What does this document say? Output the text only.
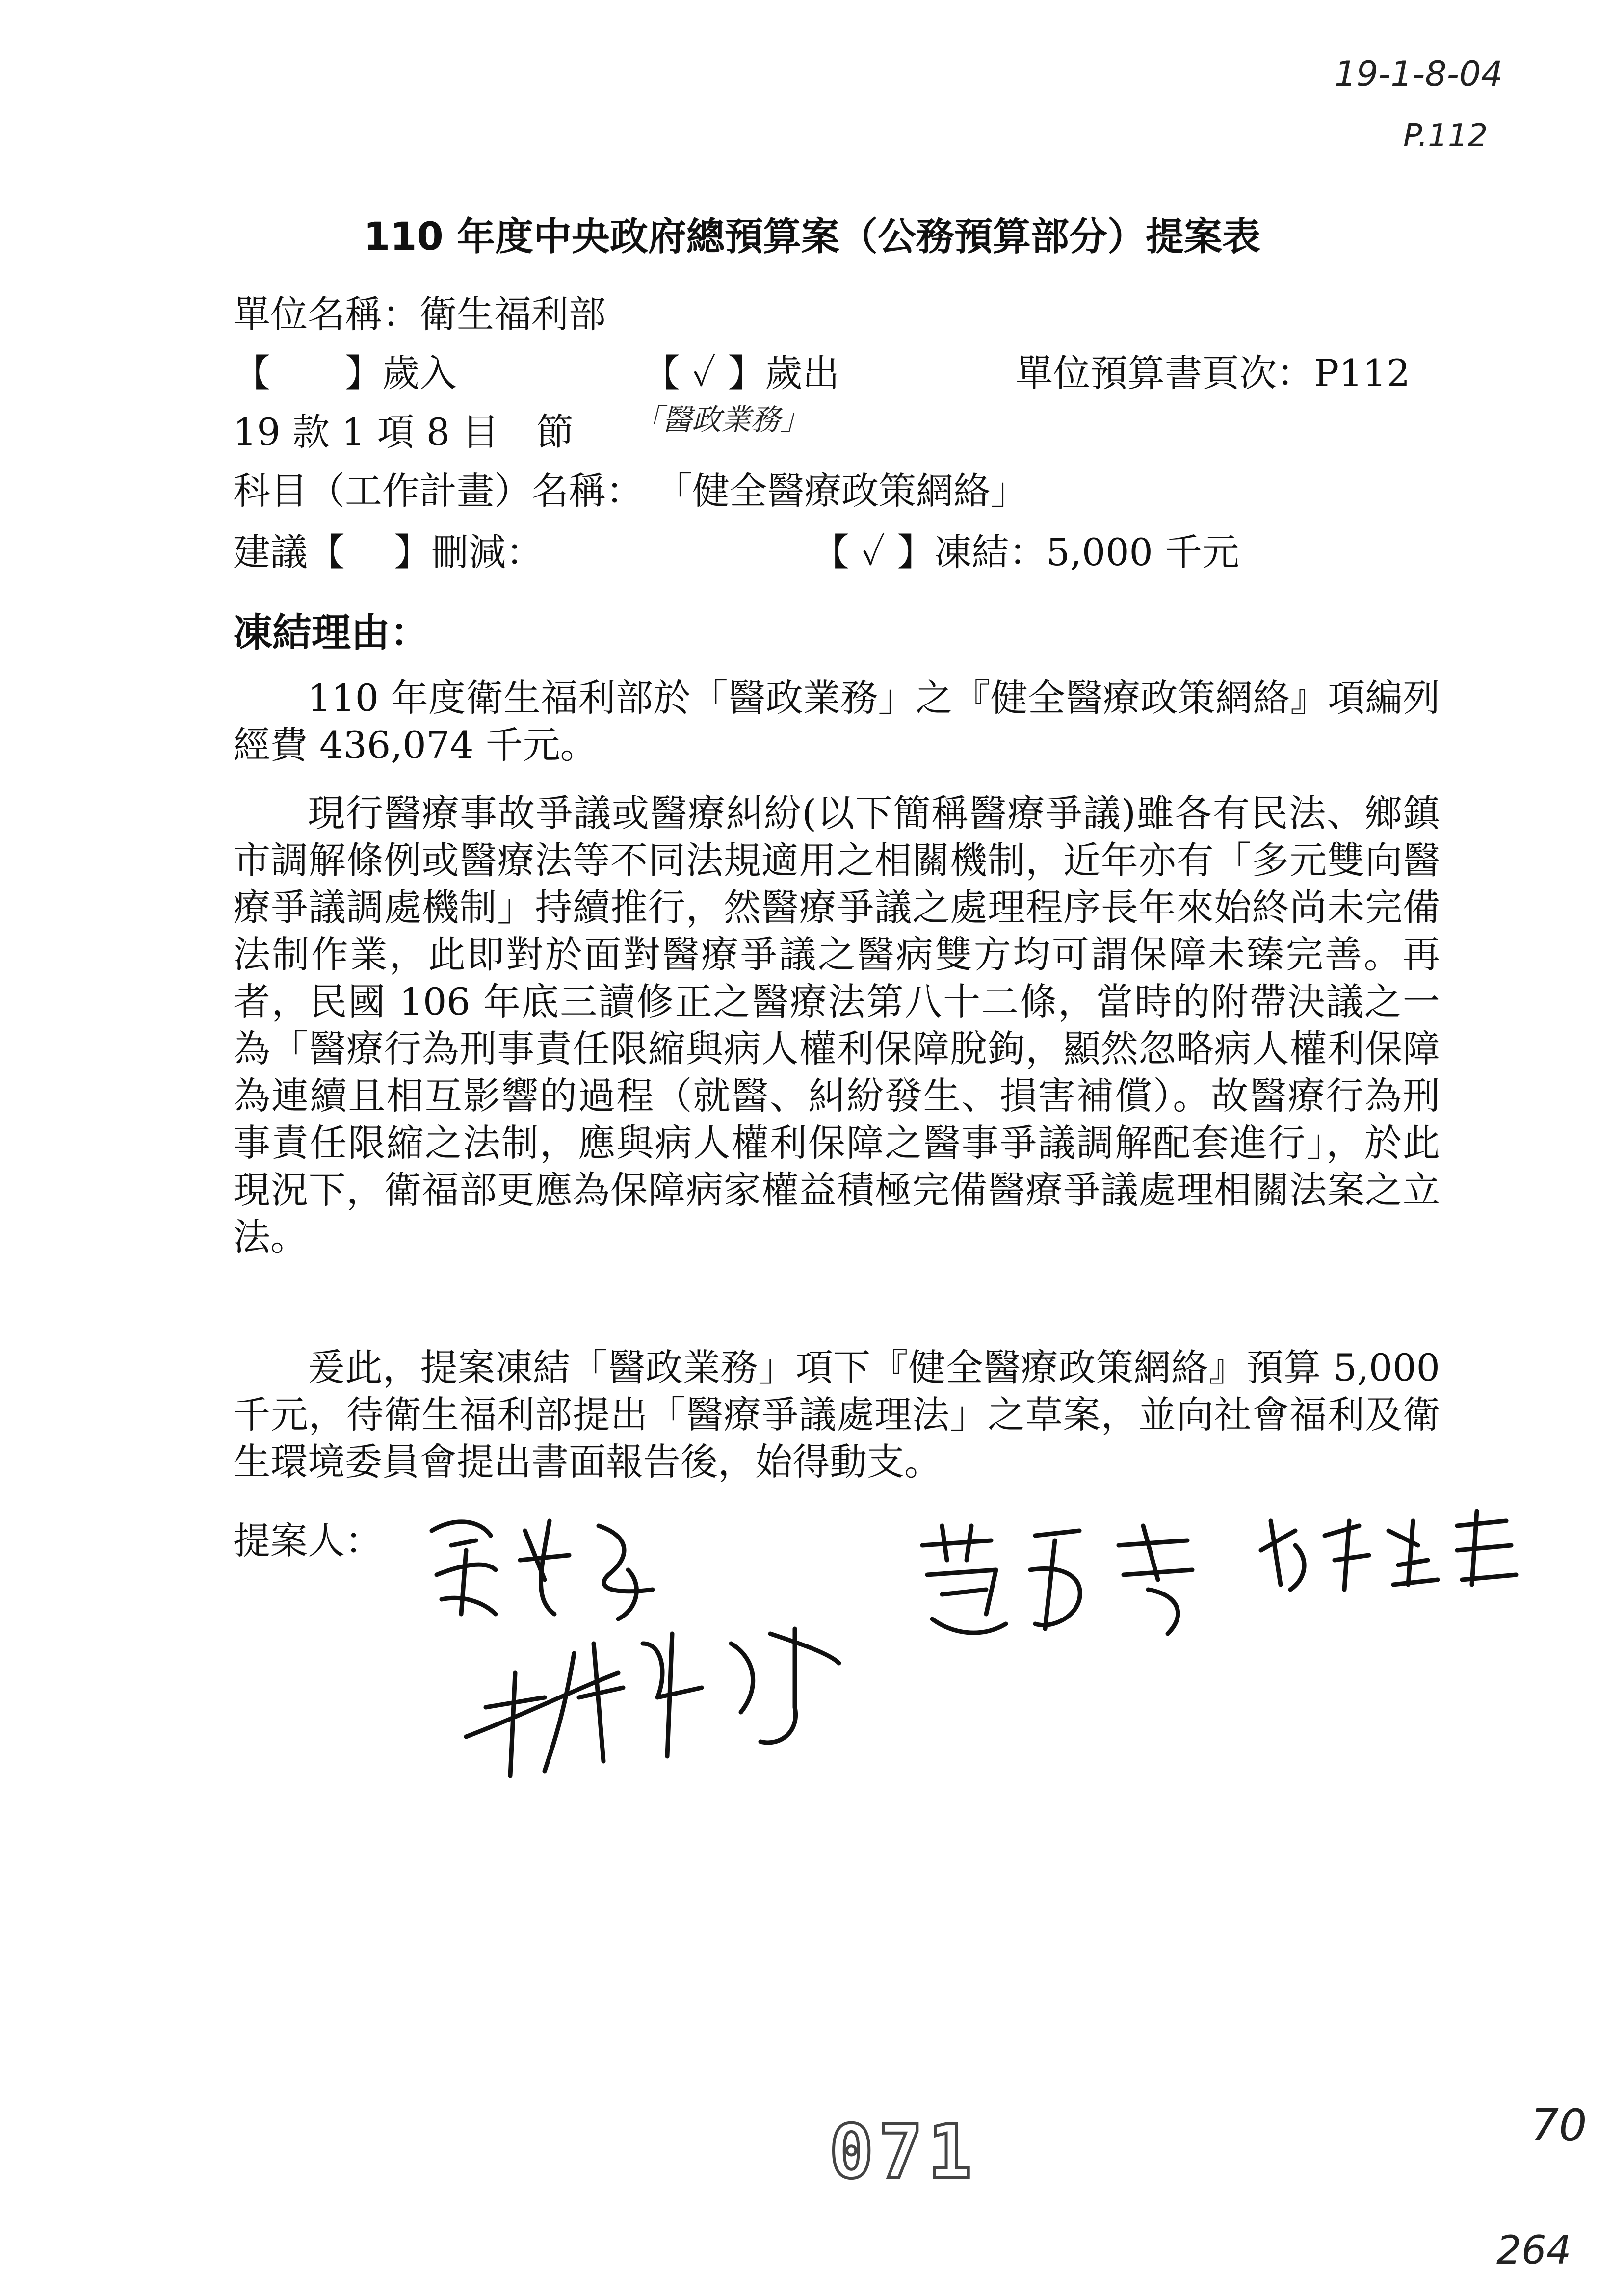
19-1-8-04
P.112
110 年度中央政府總預算案（公務預算部分）提案表
單位名稱：衛生福利部
【　　】歲入	【 ✓ 】歲出	單位預算書頁次：P112
19 款 1 項 8 目　節 「醫政業務」
科目（工作計畫）名稱： 「健全醫療政策網絡」
建議【　 】刪減：	【 ✓ 】凍結：5,000 千元
凍結理由：
110 年度衛生福利部於「醫政業務」之『健全醫療政策網絡』項編列經費 436,074 千元。
現行醫療事故爭議或醫療糾紛(以下簡稱醫療爭議)雖各有民法、鄉鎮市調解條例或醫療法等不同法規適用之相關機制，近年亦有「多元雙向醫療爭議調處機制」持續推行，然醫療爭議之處理程序長年來始終尚未完備法制作業，此即對於面對醫療爭議之醫病雙方均可謂保障未臻完善。再者，民國 106 年底三讀修正之醫療法第八十二條，當時的附帶決議之一為「醫療行為刑事責任限縮與病人權利保障脫鉤，顯然忽略病人權利保障為連續且相互影響的過程（就醫、糾紛發生、損害補償）。故醫療行為刑事責任限縮之法制，應與病人權利保障之醫事爭議調解配套進行」，於此現況下，衛福部更應為保障病家權益積極完備醫療爭議處理相關法案之立法。
爰此，提案凍結「醫政業務」項下『健全醫療政策網絡』預算 5,000 千元，待衛生福利部提出「醫療爭議處理法」之草案，並向社會福利及衛生環境委員會提出書面報告後，始得動支。
提案人：
071	70
264
